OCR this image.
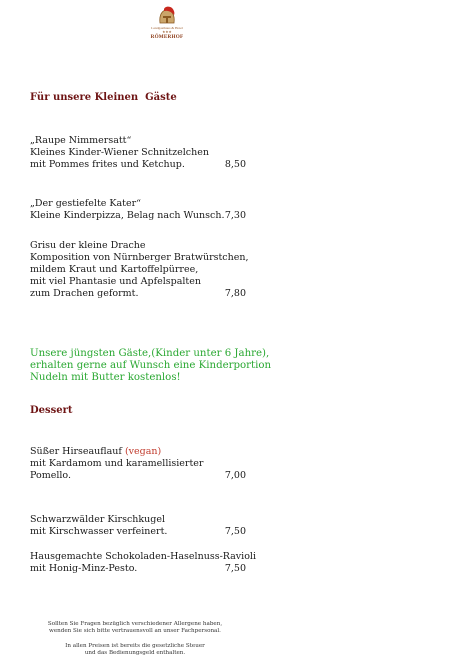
Landgasthaus & Hotel
★★★
RÖMERHOF
Für unsere Kleinen  Gäste
„Raupe Nimmersatt“
Kleines Kinder-Wiener Schnitzelchen
mit Pommes frites und Ketchup.	8,50
„Der gestiefelte Kater“
Kleine Kinderpizza, Belag nach Wunsch. 7,30
Grisu der kleine Drache
Komposition von Nürnberger Bratwürstchen,
mildem Kraut und Kartoffelpürree,
mit viel Phantasie und Apfelspalten
zum Drachen geformt.	7,80
Unsere jüngsten Gäste,(Kinder unter 6 Jahre),
erhalten gerne auf Wunsch eine Kinderportion
Nudeln mit Butter kostenlos!
Dessert
Süßer Hirseauflauf (vegan)
mit Kardamom und karamellisierter
Pomello.	7,00
Schwarzwälder Kirschkugel
mit Kirschwasser verfeinert.	7,50
Hausgemachte Schokoladen-Haselnuss-Ravioli
mit Honig-Minz-Pesto.	7,50
Sollten Sie Fragen bezüglich verschiedener Allergene haben,
wenden Sie sich bitte vertrauensvoll an unser Fachpersonal.
In allen Preisen ist bereits die gesetzliche Steuer
und das Bedienungsgeld enthalten.
